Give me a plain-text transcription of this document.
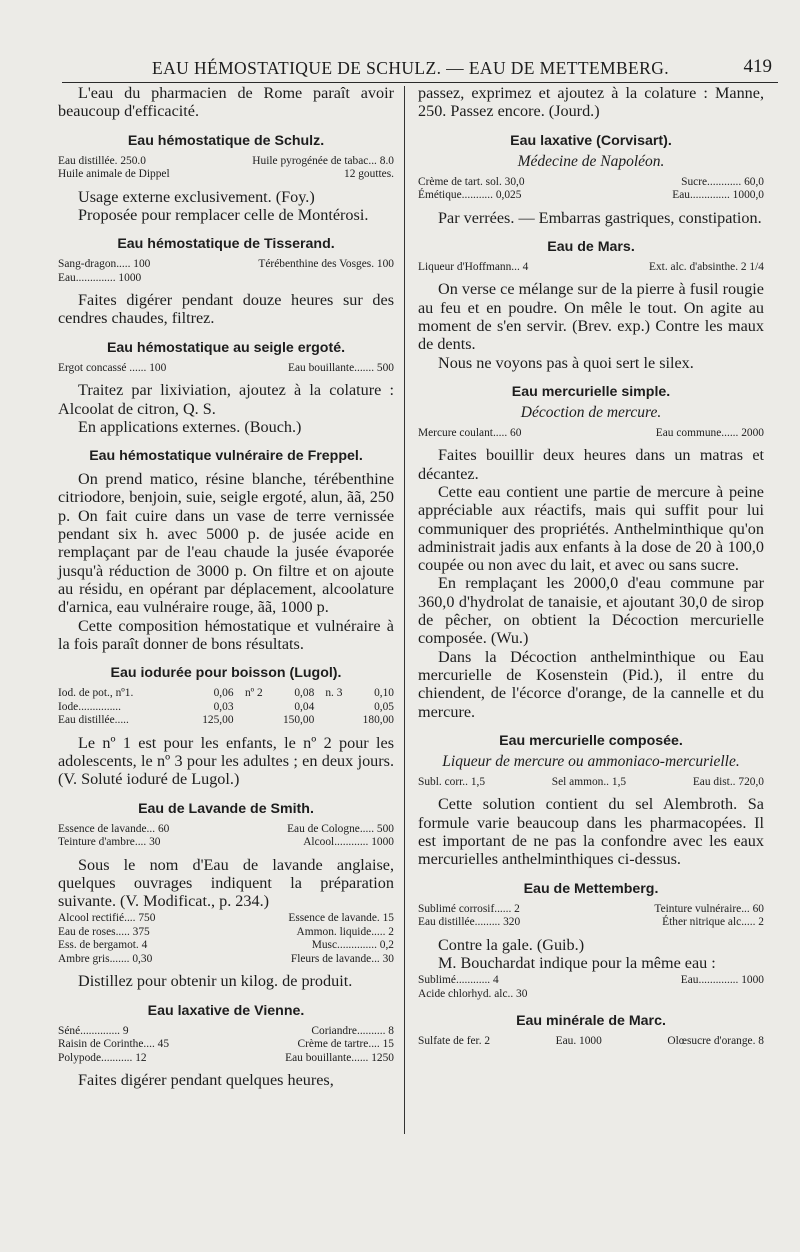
EAU HÉMOSTATIQUE DE SCHULZ. — EAU DE METTEMBERG.	419

L'eau du pharmacien de Rome paraît avoir beaucoup d'efficacité.

Eau hémostatique de Schulz.
Eau distillée. 250.0	Huile pyrogénée de tabac... 8.0
Huile animale de Dippel	12 gouttes.

Usage externe exclusivement. (Foy.)

Proposée pour remplacer celle de Montérosi.

Eau hémostatique de Tisserand.
Sang-dragon..... 100	Térébenthine des Vosges. 100
Eau.............. 1000

Faites digérer pendant douze heures sur des cendres chaudes, filtrez.

Eau hémostatique au seigle ergoté.
Ergot concassé ...... 100	Eau bouillante....... 500

Traitez par lixiviation, ajoutez à la colature : Alcoolat de citron, Q. S.

En applications externes. (Bouch.)

Eau hémostatique vulnéraire de Freppel.

On prend matico, résine blanche, térébenthine citriodore, benjoin, suie, seigle ergoté, alun, ãã, 250 p. On fait cuire dans un vase de terre vernissée pendant six h. avec 5000 p. de jusée acide en remplaçant par de l'eau chaude la jusée évaporée jusqu'à réduction de 3000 p. On filtre et on ajoute au résidu, en opérant par déplacement, alcoolature d'arnica, eau vulnéraire rouge, ãã, 1000 p.

Cette composition hémostatique et vulnéraire à la fois paraît donner de bons résultats.

Eau iodurée pour boisson (Lugol).
Iod. de pot., nº1.	0,06	nº 2	0,08	n. 3	0,10
Iode...............	0,03		0,04		0,05
Eau distillée.....	125,00		150,00		180,00

Le nº 1 est pour les enfants, le nº 2 pour les adolescents, le nº 3 pour les adultes ; en deux jours. (V. Soluté ioduré de Lugol.)

Eau de Lavande de Smith.
Essence de lavande... 60	Eau de Cologne..... 500
Teinture d'ambre.... 30	Alcool............ 1000

Sous le nom d'Eau de lavande anglaise, quelques ouvrages indiquent la préparation suivante. (V. Modificat., p. 234.)

Alcool rectifié.... 750	Essence de lavande. 15
Eau de roses..... 375	Ammon. liquide..... 2
Ess. de bergamot. 4	Musc.............. 0,2
Ambre gris....... 0,30	Fleurs de lavande... 30

Distillez pour obtenir un kilog. de produit.

Eau laxative de Vienne.
Séné.............. 9	Coriandre.......... 8
Raisin de Corinthe.... 45	Crème de tartre.... 15
Polypode........... 12	Eau bouillante...... 1250

Faites digérer pendant quelques heures,

passez, exprimez et ajoutez à la colature : Manne, 250. Passez encore. (Jourd.)

Eau laxative (Corvisart).
Médecine de Napoléon.
Crème de tart. sol. 30,0	Sucre............ 60,0
Émétique........... 0,025	Eau.............. 1000,0

Par verrées. — Embarras gastriques, constipation.

Eau de Mars.
Liqueur d'Hoffmann... 4	Ext. alc. d'absinthe. 2 1/4

On verse ce mélange sur de la pierre à fusil rougie au feu et en poudre. On mêle le tout. On agite au moment de s'en servir. (Brev. exp.) Contre les maux de dents.

Nous ne voyons pas à quoi sert le silex.

Eau mercurielle simple.
Décoction de mercure.
Mercure coulant..... 60	Eau commune...... 2000

Faites bouillir deux heures dans un matras et décantez.

Cette eau contient une partie de mercure à peine appréciable aux réactifs, mais qui suffit pour lui communiquer des propriétés. Anthelminthique qu'on administrait jadis aux enfants à la dose de 20 à 100,0 coupée ou non avec du lait, et avec ou sans sucre.

En remplaçant les 2000,0 d'eau commune par 360,0 d'hydrolat de tanaisie, et ajoutant 30,0 de sirop de pêcher, on obtient la Décoction mercurielle composée. (Wu.)

Dans la Décoction anthelminthique ou Eau mercurielle de Kosenstein (Pid.), il entre du chiendent, de l'écorce d'orange, de la cannelle et du mercure.

Eau mercurielle composée.
Liqueur de mercure ou ammoniaco-mercurielle.
Subl. corr.. 1,5	Sel ammon.. 1,5	Eau dist.. 720,0

Cette solution contient du sel Alembroth. Sa formule varie beaucoup dans les pharmacopées. Il est important de ne pas la confondre avec les eaux mercurielles anthelminthiques ci-dessus.

Eau de Mettemberg.
Sublimé corrosif...... 2	Teinture vulnéraire... 60
Eau distillée......... 320	Éther nitrique alc..... 2

Contre la gale. (Guib.)

M. Bouchardat indique pour la même eau :

Sublimé............ 4	Eau.............. 1000
Acide chlorhyd. alc.. 30
Eau minérale de Marc.
Sulfate de fer. 2	Eau. 1000	Olœsucre d'orange. 8
